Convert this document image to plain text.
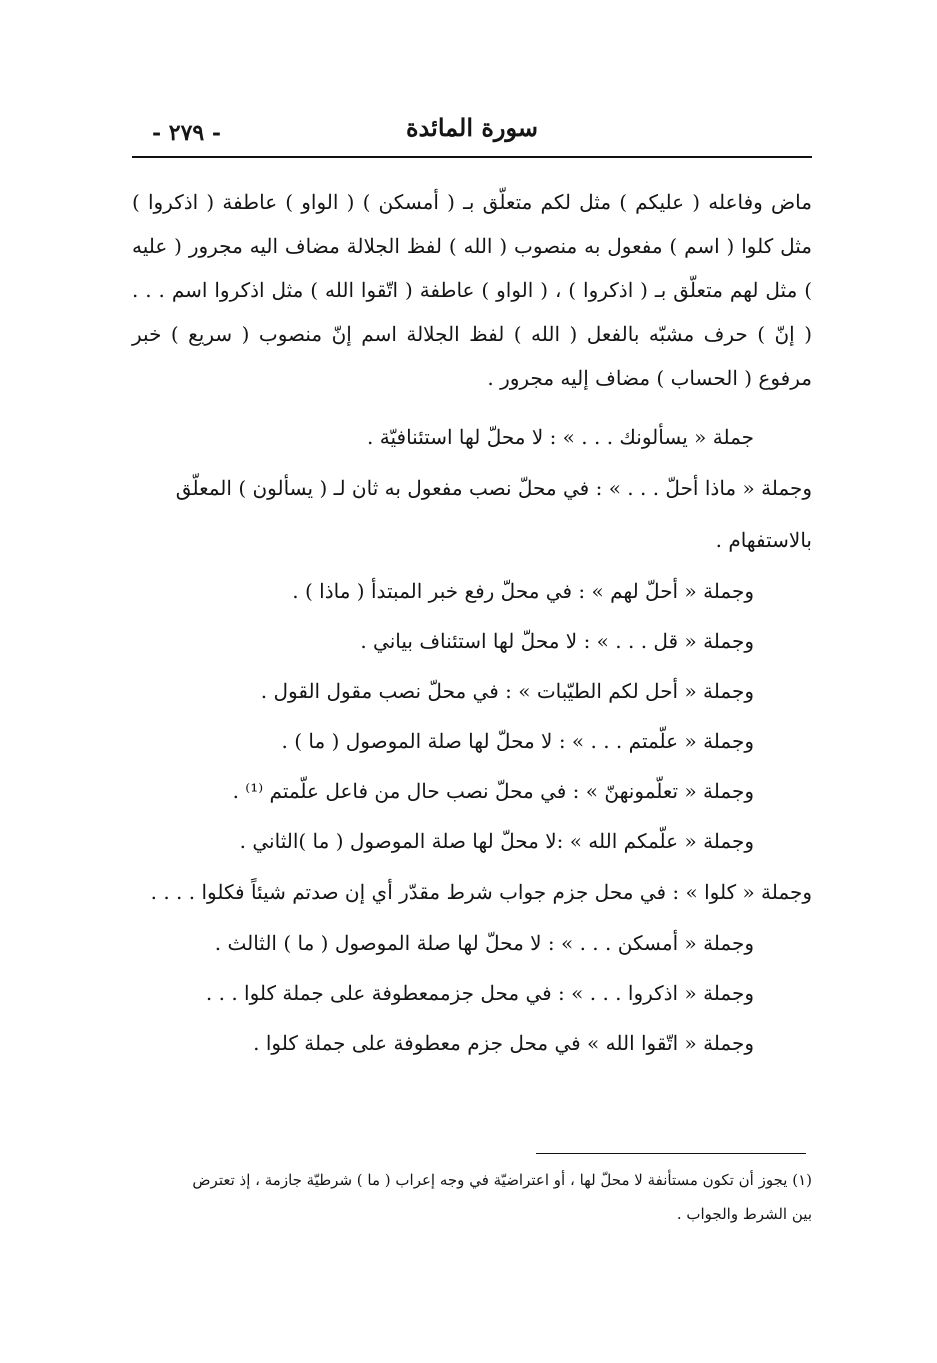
سورة المائدة
- ٢٧٩ -

ماض وفاعله ( عليكم ) مثل لكم متعلّق بـ ( أمسكن ) ( الواو ) عاطفة ( اذكروا ) مثل كلوا ( اسم ) مفعول به منصوب ( الله ) لفظ الجلالة مضاف اليه مجرور ( عليه ) مثل لهم متعلّق بـ ( اذكروا ) ، ( الواو ) عاطفة ( اتّقوا الله ) مثل اذكروا اسم . . . ( إنّ ) حرف مشبّه بالفعل ( الله ) لفظ الجلالة اسم إنّ منصوب ( سريع ) خبر مرفوع ( الحساب ) مضاف إليه مجرور .

جملة « يسألونك . . . » : لا محلّ لها استئنافيّة .

وجملة « ماذا أحلّ . . . » : في محلّ نصب مفعول به ثان لـ ( يسألون ) المعلّق بالاستفهام .

وجملة « أحلّ لهم » : في محلّ رفع خبر المبتدأ ( ماذا ) .

وجملة « قل . . . » : لا محلّ لها استئناف بياني .

وجملة « أحل لكم الطيّبات » : في محلّ نصب مقول القول .

وجملة « علّمتم . . . » : لا محلّ لها صلة الموصول ( ما ) .

وجملة « تعلّمونهنّ » : في محلّ نصب حال من فاعل علّمتم ⁽¹⁾ .

وجملة « علّمكم الله » :لا محلّ لها صلة الموصول ( ما )الثاني .

وجملة « كلوا » : في محل جزم جواب شرط مقدّر أي إن صدتم شيئاً فكلوا . . . .

وجملة « أمسكن . . . » : لا محلّ لها صلة الموصول ( ما ) الثالث .

وجملة « اذكروا . . . » : في محل جزممعطوفة على جملة كلوا . . .

وجملة « اتّقوا الله » في محل جزم معطوفة على جملة كلوا .

(١) يجوز أن تكون مستأنفة لا محلّ لها ، أو اعتراضيّة في وجه إعراب ( ما ) شرطيّة جازمة ، إذ تعترض بين الشرط والجواب .
